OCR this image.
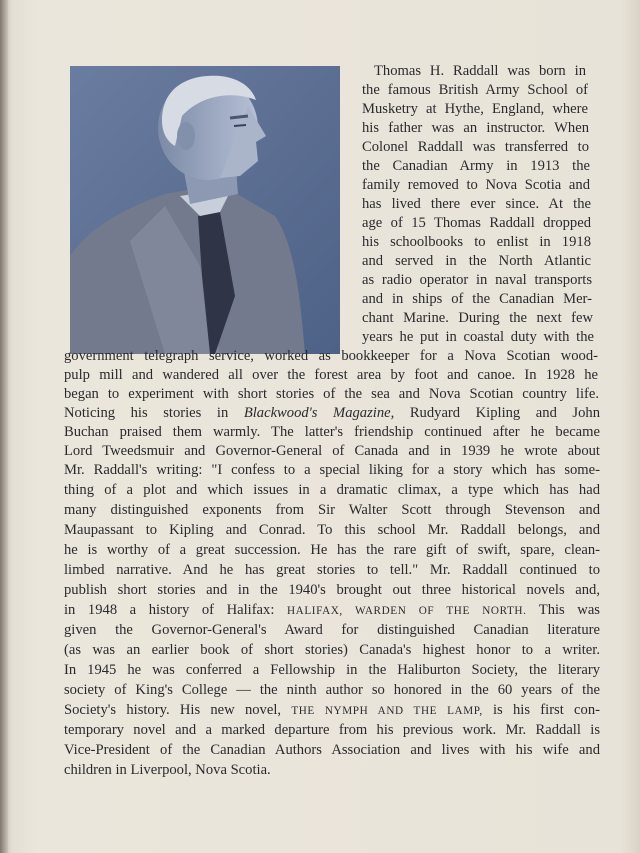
Thomas H. Raddall was born in
the famous British Army School of
Musketry at Hythe, England, where
his father was an instructor. When
Colonel Raddall was transferred to
the Canadian Army in 1913 the
family removed to Nova Scotia and
has lived there ever since. At the
age of 15 Thomas Raddall dropped
his schoolbooks to enlist in 1918
and served in the North Atlantic
as radio operator in naval transports
and in ships of the Canadian Mer-
chant Marine. During the next few
years he put in coastal duty with the
government telegraph service, worked as bookkeeper for a Nova Scotian wood-
pulp mill and wandered all over the forest area by foot and canoe. In 1928 he
began to experiment with short stories of the sea and Nova Scotian country life.
Noticing his stories in Blackwood's Magazine, Rudyard Kipling and John
Buchan praised them warmly. The latter's friendship continued after he became
Lord Tweedsmuir and Governor-General of Canada and in 1939 he wrote about
Mr. Raddall's writing: "I confess to a special liking for a story which has some-
thing of a plot and which issues in a dramatic climax, a type which has had
many distinguished exponents from Sir Walter Scott through Stevenson and
Maupassant to Kipling and Conrad. To this school Mr. Raddall belongs, and
he is worthy of a great succession. He has the rare gift of swift, spare, clean-
limbed narrative. And he has great stories to tell." Mr. Raddall continued to
publish short stories and in the 1940's brought out three historical novels and,
in 1948 a history of Halifax: HALIFAX, WARDEN OF THE NORTH. This was
given the Governor-General's Award for distinguished Canadian literature
(as was an earlier book of short stories) Canada's highest honor to a writer.
In 1945 he was conferred a Fellowship in the Haliburton Society, the literary
society of King's College — the ninth author so honored in the 60 years of the
Society's history. His new novel, THE NYMPH AND THE LAMP, is his first con-
temporary novel and a marked departure from his previous work. Mr. Raddall is
Vice-President of the Canadian Authors Association and lives with his wife and
children in Liverpool, Nova Scotia.
